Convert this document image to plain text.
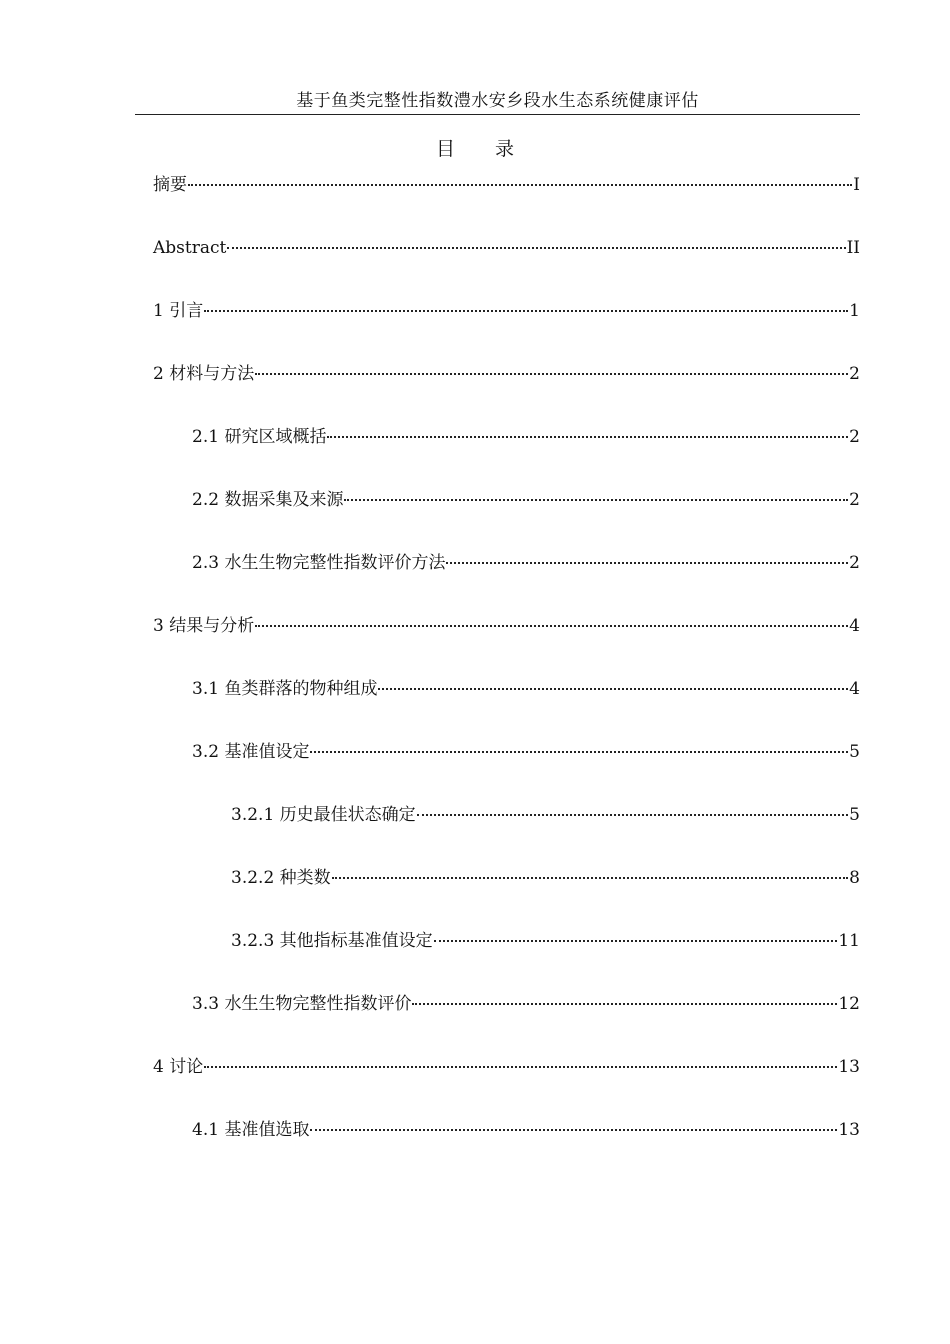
基于鱼类完整性指数澧水安乡段水生态系统健康评估
目 录
摘要	I
Abstract	II
1 引言	1
2 材料与方法	2
2.1 研究区域概括	2
2.2 数据采集及来源	2
2.3 水生生物完整性指数评价方法	2
3 结果与分析	4
3.1 鱼类群落的物种组成	4
3.2 基准值设定	5
3.2.1 历史最佳状态确定	5
3.2.2 种类数	8
3.2.3 其他指标基准值设定	11
3.3 水生生物完整性指数评价	12
4 讨论	13
4.1 基准值选取	13
